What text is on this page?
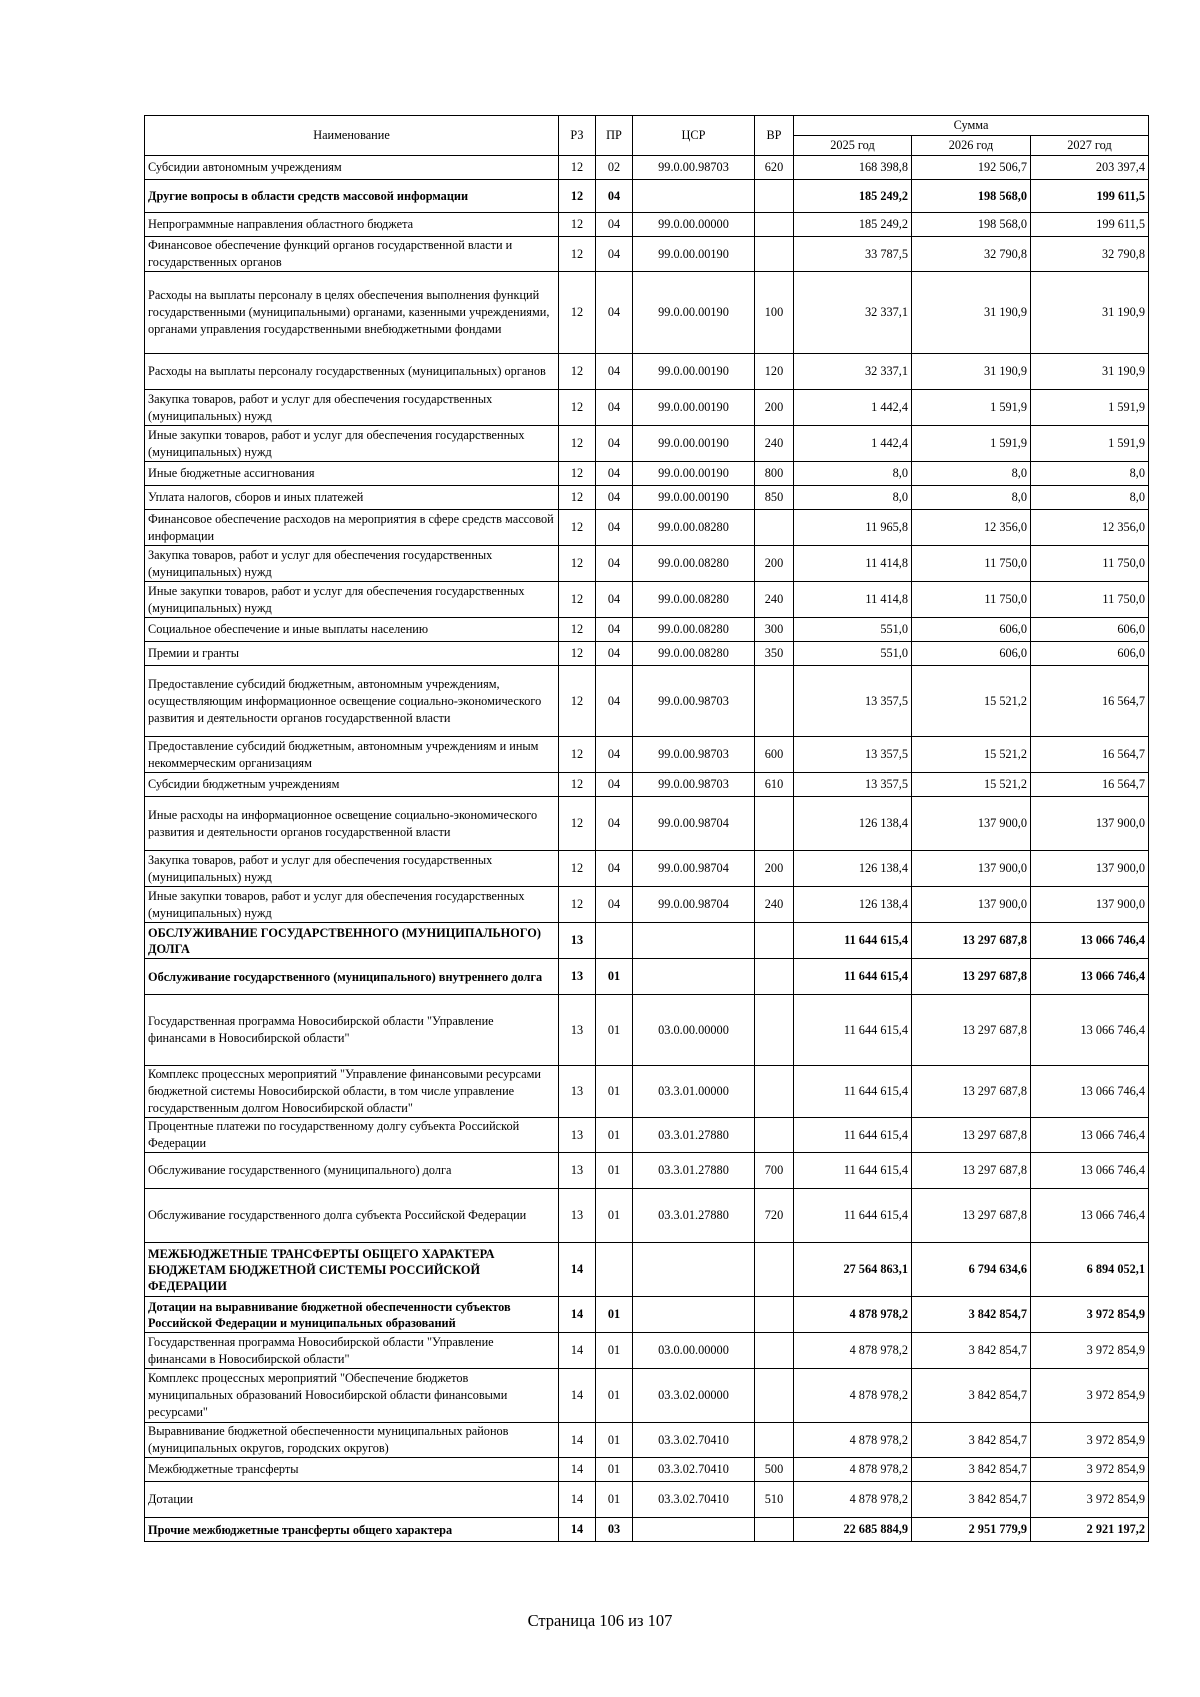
Наименование	РЗ	ПР	ЦСР	ВР	Сумма		
					2025 год	2026 год	2027 год
Субсидии автономным учреждениям	12	02	99.0.00.98703	620	168 398,8	192 506,7	203 397,4
Другие вопросы в области средств массовой информации	12	04			185 249,2	198 568,0	199 611,5
Непрограммные направления областного бюджета	12	04	99.0.00.00000		185 249,2	198 568,0	199 611,5
Финансовое обеспечение функций органов государственной власти и государственных органов	12	04	99.0.00.00190		33 787,5	32 790,8	32 790,8
Расходы на выплаты персоналу в целях обеспечения выполнения функций государственными (муниципальными) органами, казенными учреждениями, органами управления государственными внебюджетными фондами	12	04	99.0.00.00190	100	32 337,1	31 190,9	31 190,9
Расходы на выплаты персоналу государственных (муниципальных) органов	12	04	99.0.00.00190	120	32 337,1	31 190,9	31 190,9
Закупка товаров, работ и услуг для обеспечения государственных (муниципальных) нужд	12	04	99.0.00.00190	200	1 442,4	1 591,9	1 591,9
Иные закупки товаров, работ и услуг для обеспечения государственных (муниципальных) нужд	12	04	99.0.00.00190	240	1 442,4	1 591,9	1 591,9
Иные бюджетные ассигнования	12	04	99.0.00.00190	800	8,0	8,0	8,0
Уплата налогов, сборов и иных платежей	12	04	99.0.00.00190	850	8,0	8,0	8,0
Финансовое обеспечение расходов на мероприятия в сфере средств массовой информации	12	04	99.0.00.08280		11 965,8	12 356,0	12 356,0
Закупка товаров, работ и услуг для обеспечения государственных (муниципальных) нужд	12	04	99.0.00.08280	200	11 414,8	11 750,0	11 750,0
Иные закупки товаров, работ и услуг для обеспечения государственных (муниципальных) нужд	12	04	99.0.00.08280	240	11 414,8	11 750,0	11 750,0
Социальное обеспечение и иные выплаты населению	12	04	99.0.00.08280	300	551,0	606,0	606,0
Премии и гранты	12	04	99.0.00.08280	350	551,0	606,0	606,0
Предоставление субсидий бюджетным, автономным учреждениям, осуществляющим информационное освещение социально-экономического развития и деятельности органов государственной власти	12	04	99.0.00.98703		13 357,5	15 521,2	16 564,7
Предоставление субсидий бюджетным, автономным учреждениям и иным некоммерческим организациям	12	04	99.0.00.98703	600	13 357,5	15 521,2	16 564,7
Субсидии бюджетным учреждениям	12	04	99.0.00.98703	610	13 357,5	15 521,2	16 564,7
Иные расходы на информационное освещение социально-экономического развития и деятельности органов государственной власти	12	04	99.0.00.98704		126 138,4	137 900,0	137 900,0
Закупка товаров, работ и услуг для обеспечения государственных (муниципальных) нужд	12	04	99.0.00.98704	200	126 138,4	137 900,0	137 900,0
Иные закупки товаров, работ и услуг для обеспечения государственных (муниципальных) нужд	12	04	99.0.00.98704	240	126 138,4	137 900,0	137 900,0
ОБСЛУЖИВАНИЕ ГОСУДАРСТВЕННОГО (МУНИЦИПАЛЬНОГО) ДОЛГА	13				11 644 615,4	13 297 687,8	13 066 746,4
Обслуживание государственного (муниципального) внутреннего долга	13	01			11 644 615,4	13 297 687,8	13 066 746,4
Государственная программа Новосибирской области "Управление финансами в Новосибирской области"	13	01	03.0.00.00000		11 644 615,4	13 297 687,8	13 066 746,4
Комплекс процессных мероприятий "Управление финансовыми ресурсами бюджетной системы Новосибирской области, в том числе управление государственным долгом Новосибирской области"	13	01	03.3.01.00000		11 644 615,4	13 297 687,8	13 066 746,4
Процентные платежи по государственному долгу субъекта Российской Федерации	13	01	03.3.01.27880		11 644 615,4	13 297 687,8	13 066 746,4
Обслуживание государственного (муниципального) долга	13	01	03.3.01.27880	700	11 644 615,4	13 297 687,8	13 066 746,4
Обслуживание государственного долга субъекта Российской Федерации	13	01	03.3.01.27880	720	11 644 615,4	13 297 687,8	13 066 746,4
МЕЖБЮДЖЕТНЫЕ ТРАНСФЕРТЫ ОБЩЕГО ХАРАКТЕРА БЮДЖЕТАМ БЮДЖЕТНОЙ СИСТЕМЫ РОССИЙСКОЙ ФЕДЕРАЦИИ	14				27 564 863,1	6 794 634,6	6 894 052,1
Дотации на выравнивание бюджетной обеспеченности субъектов Российской Федерации и муниципальных образований	14	01			4 878 978,2	3 842 854,7	3 972 854,9
Государственная программа Новосибирской области "Управление финансами в Новосибирской области"	14	01	03.0.00.00000		4 878 978,2	3 842 854,7	3 972 854,9
Комплекс процессных мероприятий "Обеспечение бюджетов муниципальных образований Новосибирской области финансовыми ресурсами"	14	01	03.3.02.00000		4 878 978,2	3 842 854,7	3 972 854,9
Выравнивание бюджетной обеспеченности муниципальных районов (муниципальных округов, городских округов)	14	01	03.3.02.70410		4 878 978,2	3 842 854,7	3 972 854,9
Межбюджетные трансферты	14	01	03.3.02.70410	500	4 878 978,2	3 842 854,7	3 972 854,9
Дотации	14	01	03.3.02.70410	510	4 878 978,2	3 842 854,7	3 972 854,9
Прочие межбюджетные трансферты общего характера	14	03			22 685 884,9	2 951 779,9	2 921 197,2
Страница 106 из 107
